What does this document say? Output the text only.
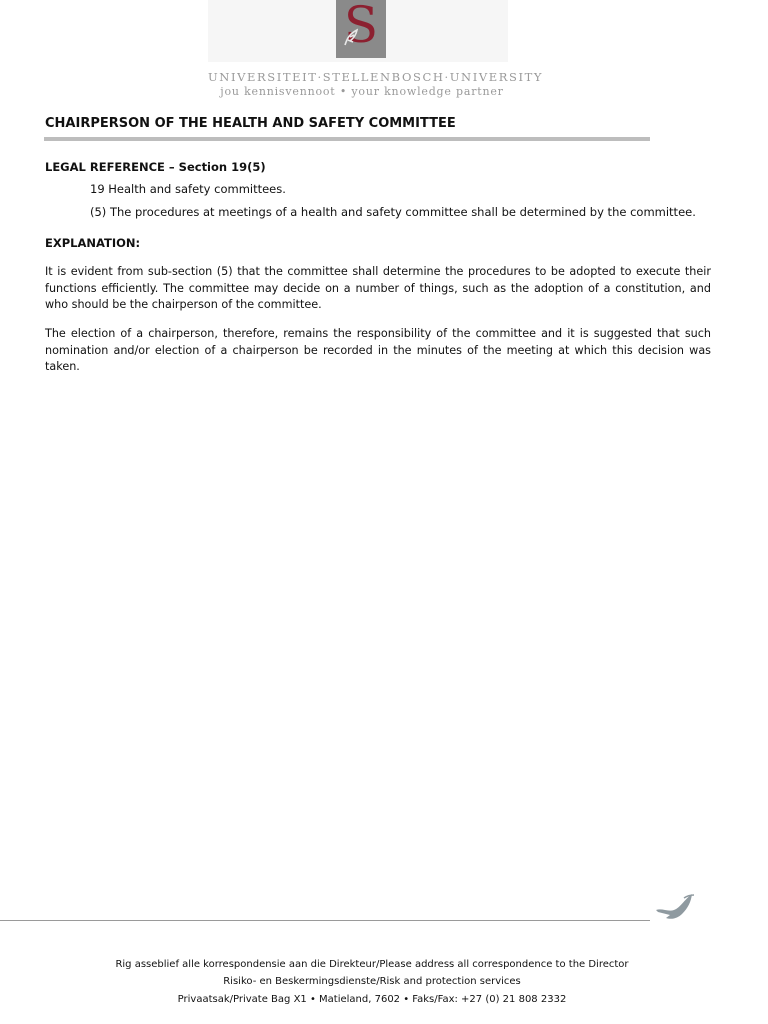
S
UNIVERSITEIT·STELLENBOSCH·UNIVERSITY
jou kennisvennoot • your knowledge partner
CHAIRPERSON OF THE HEALTH AND SAFETY COMMITTEE
LEGAL REFERENCE – Section 19(5)
19 Health and safety committees.
(5) The procedures at meetings of a health and safety committee shall be determined by the committee.
EXPLANATION:

It is evident from sub-section (5) that the committee shall determine the procedures to be adopted to execute their functions efficiently. The committee may decide on a number of things, such as the adoption of a constitution, and who should be the chairperson of the committee.

The election of a chairperson, therefore, remains the responsibility of the committee and it is suggested that such nomination and/or election of a chairperson be recorded in the minutes of the meeting at which this decision was taken.

Rig asseblief alle korrespondensie aan die Direkteur/Please address all correspondence to the Director
Risiko- en Beskermingsdienste/Risk and protection services
Privaatsak/Private Bag X1 • Matieland, 7602 • Faks/Fax: +27 (0) 21 808 2332
